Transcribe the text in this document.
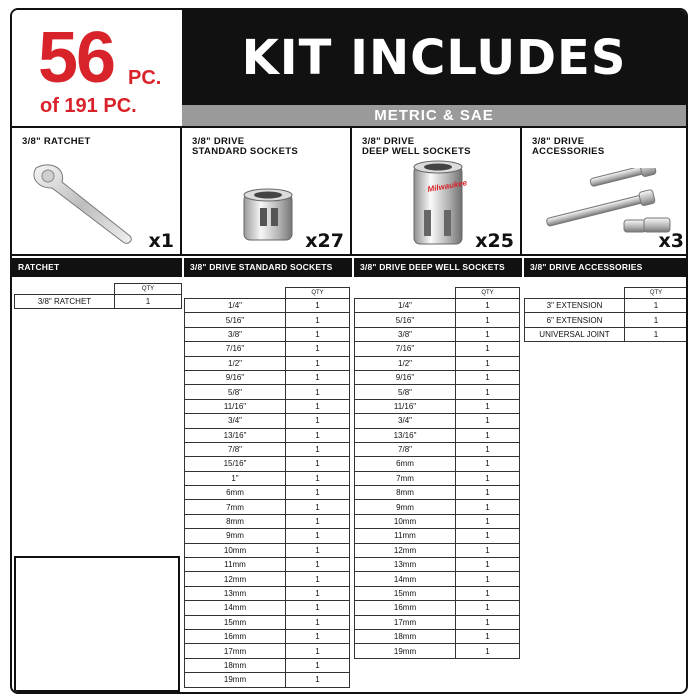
56 PC.
of 191 PC.
KIT INCLUDES
METRIC & SAE
3/8" RATCHET
x1
3/8" DRIVE
STANDARD SOCKETS
x27
3/8" DRIVE
DEEP WELL SOCKETS
Milwaukee
x25
3/8" DRIVE
ACCESSORIES
x3
RATCHET
	QTY
3/8" RATCHET	1
3/8" DRIVE STANDARD SOCKETS
	QTY
1/4"	1
5/16"	1
3/8"	1
7/16"	1
1/2"	1
9/16"	1
5/8"	1
11/16"	1
3/4"	1
13/16"	1
7/8"	1
15/16"	1
1"	1
6mm	1
7mm	1
8mm	1
9mm	1
10mm	1
11mm	1
12mm	1
13mm	1
14mm	1
15mm	1
16mm	1
17mm	1
18mm	1
19mm	1
3/8" DRIVE DEEP WELL SOCKETS
	QTY
1/4"	1
5/16"	1
3/8"	1
7/16"	1
1/2"	1
9/16"	1
5/8"	1
11/16"	1
3/4"	1
13/16"	1
7/8"	1
6mm	1
7mm	1
8mm	1
9mm	1
10mm	1
11mm	1
12mm	1
13mm	1
14mm	1
15mm	1
16mm	1
17mm	1
18mm	1
19mm	1
3/8" DRIVE ACCESSORIES
	QTY
3" EXTENSION	1
6" EXTENSION	1
UNIVERSAL JOINT	1
